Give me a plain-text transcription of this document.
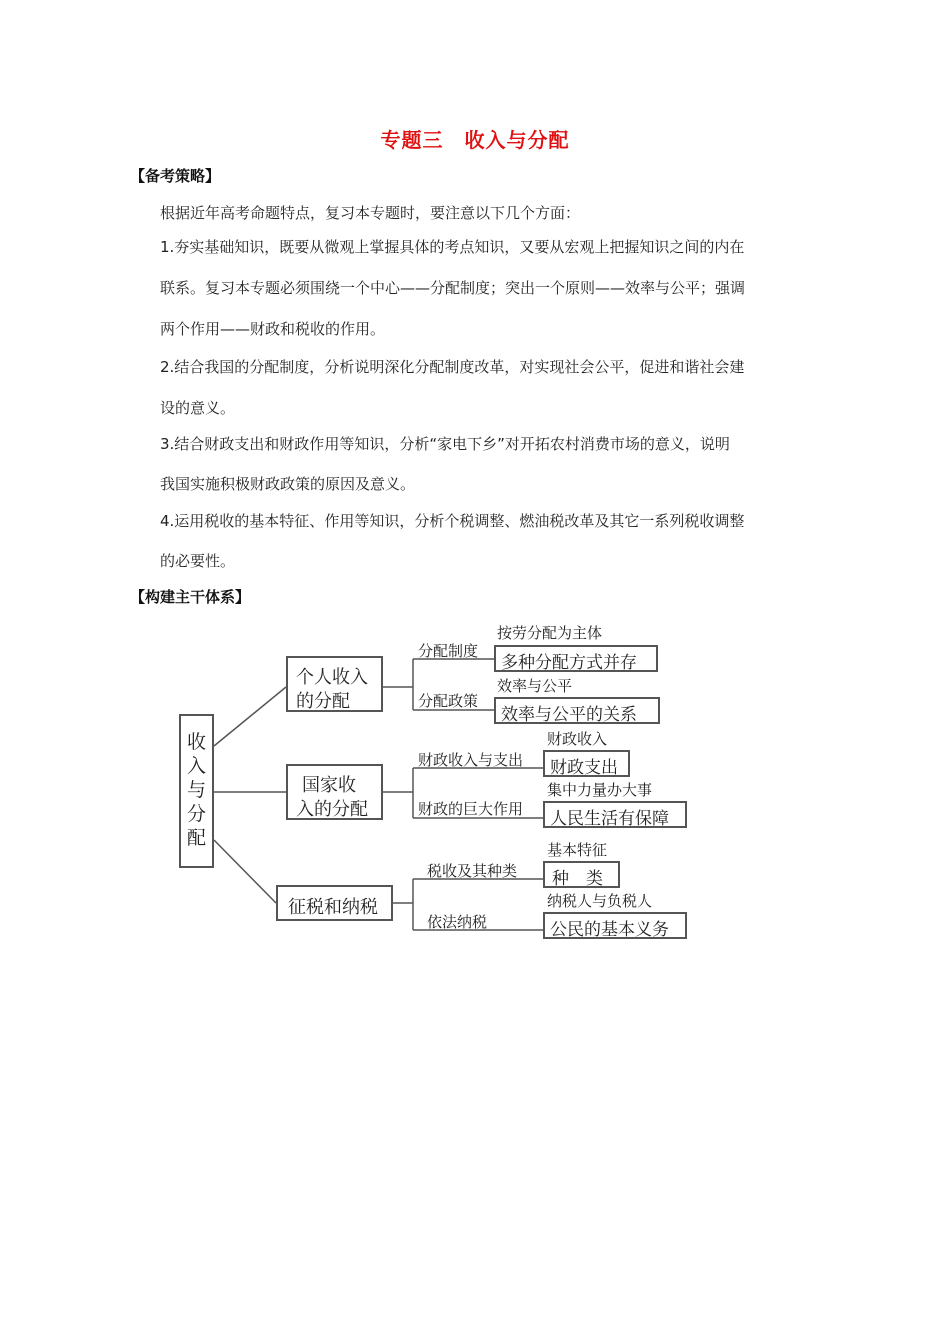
专题三　收入与分配
【备考策略】
根据近年高考命题特点，复习本专题时，要注意以下几个方面：
1.夯实基础知识，既要从微观上掌握具体的考点知识，又要从宏观上把握知识之间的内在
联系。复习本专题必须围绕一个中心——分配制度；突出一个原则——效率与公平；强调
两个作用——财政和税收的作用。
2.结合我国的分配制度，分析说明深化分配制度改革，对实现社会公平，促进和谐社会建
设的意义。
3.结合财政支出和财政作用等知识，分析“家电下乡”对开拓农村消费市场的意义，说明
我国实施积极财政政策的原因及意义。
4.运用税收的基本特征、作用等知识，分析个税调整、燃油税改革及其它一系列税收调整
的必要性。
【构建主干体系】
收
入
与
分
配
个人收入
的分配
分配制度
按劳分配为主体
多种分配方式并存
分配政策
效率与公平
效率与公平的关系
国家收
入的分配
财政收入与支出
财政收入
财政支出
财政的巨大作用
集中力量办大事
人民生活有保障
征税和纳税
税收及其种类
基本特征
种　类
依法纳税
纳税人与负税人
公民的基本义务
